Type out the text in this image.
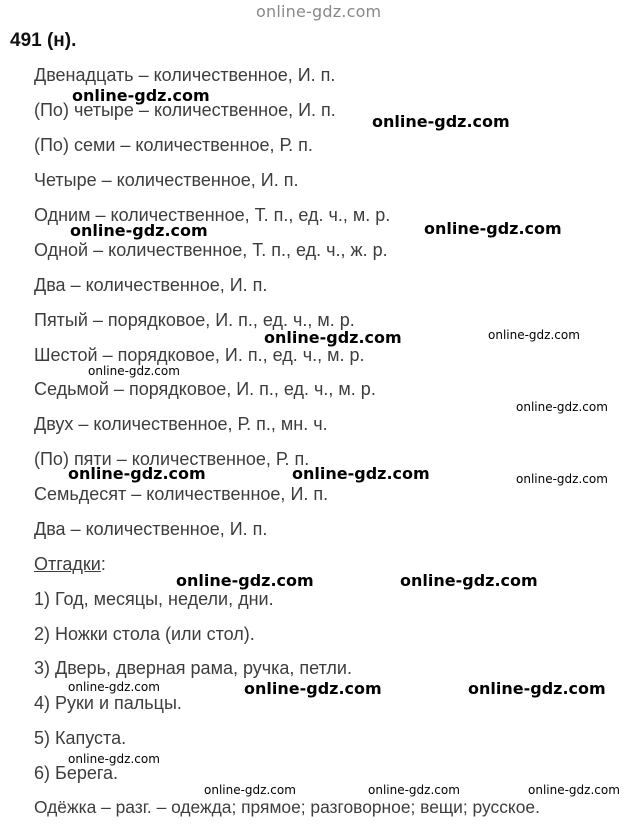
online-gdz.com
491 (н).
Двенадцать – количественное, И. п.
(По) четыре – количественное, И. п.
(По) семи – количественное, Р. п.
Четыре – количественное, И. п.
Одним – количественное, Т. п., ед. ч., м. р.
Одной – количественное, Т. п., ед. ч., ж. р.
Два – количественное, И. п.
Пятый – порядковое, И. п., ед. ч., м. р.
Шестой – порядковое, И. п., ед. ч., м. р.
Седьмой – порядковое, И. п., ед. ч., м. р.
Двух – количественное, Р. п., мн. ч.
(По) пяти – количественное, Р. п.
Семьдесят – количественное, И. п.
Два – количественное, И. п.
Отгадки:
1) Год, месяцы, недели, дни.
2) Ножки стола (или стол).
3) Дверь, дверная рама, ручка, петли.
4) Руки и пальцы.
5) Капуста.
6) Берега.
Одёжка – разг. – одежда; прямое; разговорное; вещи; русское.
online-gdz.com
online-gdz.com
online-gdz.com	online-gdz.com
online-gdz.com	online-gdz.com
online-gdz.com
online-gdz.com
online-gdz.com	online-gdz.com	online-gdz.com
online-gdz.com	online-gdz.com
online-gdz.com	online-gdz.com	online-gdz.com
online-gdz.com
online-gdz.com	online-gdz.com	online-gdz.com
